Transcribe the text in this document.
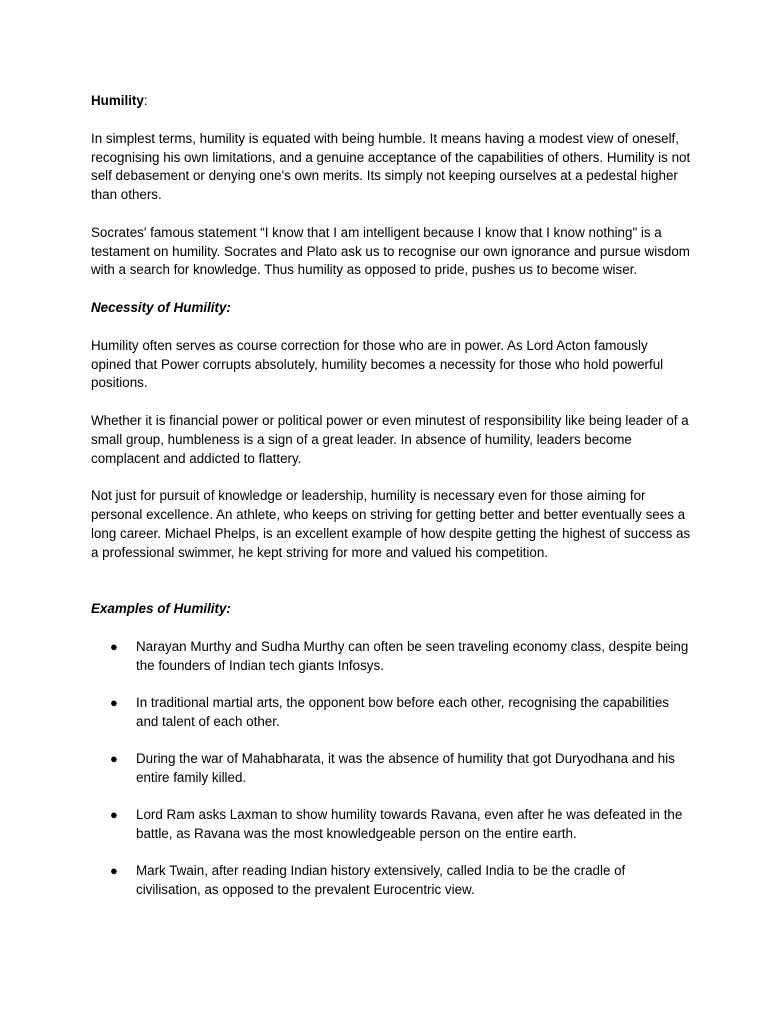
Humility:

In simplest terms, humility is equated with being humble. It means having a modest view of oneself, recognising his own limitations, and a genuine acceptance of the capabilities of others. Humility is not self debasement or denying one's own merits. Its simply not keeping ourselves at a pedestal higher than others.

Socrates' famous statement “I know that I am intelligent because I know that I know nothing" is a testament on humility. Socrates and Plato ask us to recognise our own ignorance and pursue wisdom with a search for knowledge. Thus humility as opposed to pride, pushes us to become wiser.

Necessity of Humility:

Humility often serves as course correction for those who are in power. As Lord Acton famously opined that Power corrupts absolutely, humility becomes a necessity for those who hold powerful positions.

Whether it is financial power or political power or even minutest of responsibility like being leader of a small group, humbleness is a sign of a great leader. In absence of humility, leaders become complacent and addicted to flattery.

Not just for pursuit of knowledge or leadership, humility is necessary even for those aiming for personal excellence. An athlete, who keeps on striving for getting better and better eventually sees a long career. Michael Phelps, is an excellent example of how despite getting the highest of success as a professional swimmer, he kept striving for more and valued his competition.

Examples of Humility:
● Narayan Murthy and Sudha Murthy can often be seen traveling economy class, despite being the founders of Indian tech giants Infosys.
● In traditional martial arts, the opponent bow before each other, recognising the capabilities and talent of each other.
● During the war of Mahabharata, it was the absence of humility that got Duryodhana and his entire family killed.
● Lord Ram asks Laxman to show humility towards Ravana, even after he was defeated in the battle, as Ravana was the most knowledgeable person on the entire earth.
● Mark Twain, after reading Indian history extensively, called India to be the cradle of civilisation, as opposed to the prevalent Eurocentric view.
